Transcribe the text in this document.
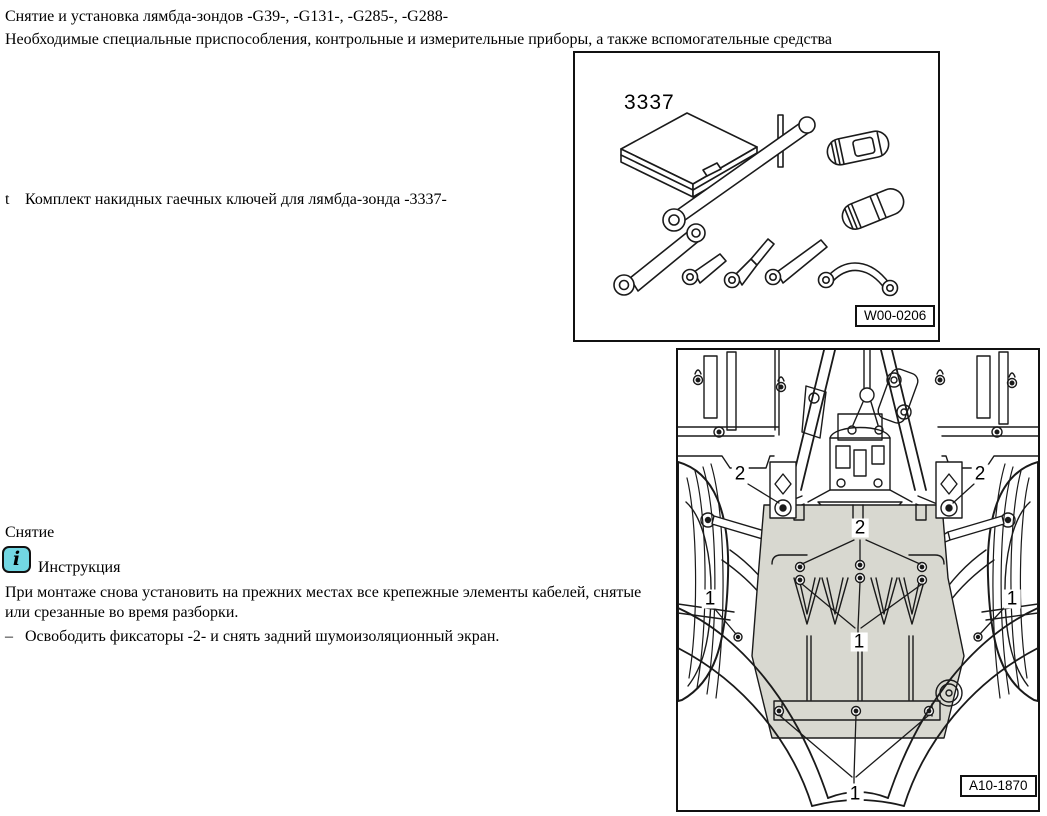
Снятие и установка лямбда-зондов -G39-, -G131-, -G285-, -G288-
Необходимые специальные приспособления, контрольные и измерительные приборы, а также вспомогательные средства
t Комплект накидных гаечных ключей для лямбда-зонда -3337-
Снятие
i Инструкция
При монтаже снова установить на прежних местах все крепежные элементы кабелей, снятые или срезанные во время разборки.
– Освободить фиксаторы -2- и снять задний шумоизоляционный экран.
3337
W00-0206
2	2
2
1	1
1
1	A10-1870
